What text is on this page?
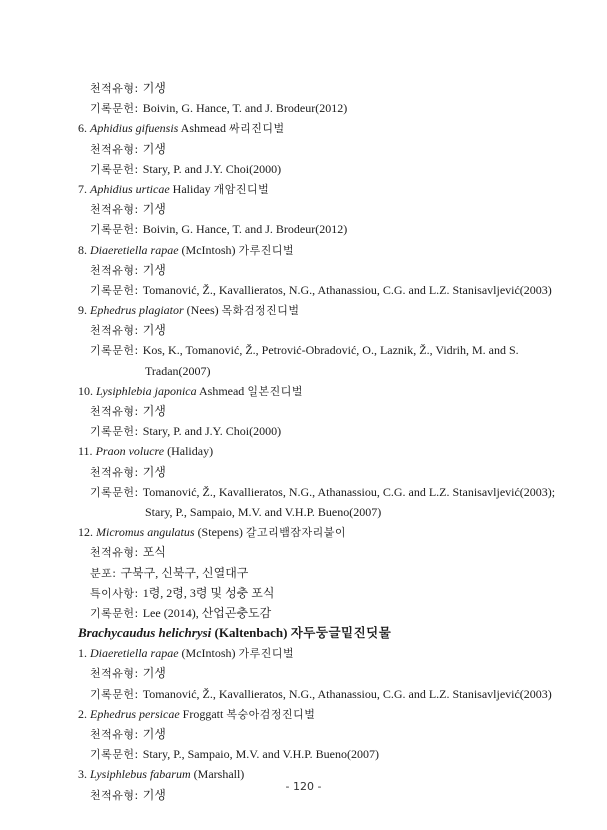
천적유형: 기생
기록문헌: Boivin, G. Hance, T. and J. Brodeur(2012)
6. Aphidius gifuensis Ashmead 싸리진디벌
천적유형: 기생
기록문헌: Stary, P. and J.Y. Choi(2000)
7. Aphidius urticae Haliday 개암진디벌
천적유형: 기생
기록문헌: Boivin, G. Hance, T. and J. Brodeur(2012)
8. Diaeretiella rapae (McIntosh) 가루진디벌
천적유형: 기생
기록문헌: Tomanović, Ž., Kavallieratos, N.G., Athanassiou, C.G. and L.Z. Stanisavljević(2003)
9. Ephedrus plagiator (Nees) 목화검정진디벌
천적유형: 기생
기록문헌: Kos, K., Tomanović, Ž., Petrović-Obradović, O., Laznik, Ž., Vidrih, M. and S.
Tradan(2007)
10. Lysiphlebia japonica Ashmead 일본진디벌
천적유형: 기생
기록문헌: Stary, P. and J.Y. Choi(2000)
11. Praon volucre (Haliday)
천적유형: 기생
기록문헌: Tomanović, Ž., Kavallieratos, N.G., Athanassiou, C.G. and L.Z. Stanisavljević(2003);
Stary, P., Sampaio, M.V. and V.H.P. Bueno(2007)
12. Micromus angulatus (Stepens) 갈고리뱀잠자리붙이
천적유형: 포식
분포: 구북구, 신북구, 신열대구
특이사항: 1령, 2령, 3령 및 성충 포식
기록문헌: Lee (2014), 산업곤충도감
Brachycaudus helichrysi (Kaltenbach) 자두둥글밑진딧물
1. Diaeretiella rapae (McIntosh) 가루진디벌
천적유형: 기생
기록문헌: Tomanović, Ž., Kavallieratos, N.G., Athanassiou, C.G. and L.Z. Stanisavljević(2003)
2. Ephedrus persicae Froggatt 복숭아검정진디벌
천적유형: 기생
기록문헌: Stary, P., Sampaio, M.V. and V.H.P. Bueno(2007)
3. Lysiphlebus fabarum (Marshall)
천적유형: 기생
- 120 -
